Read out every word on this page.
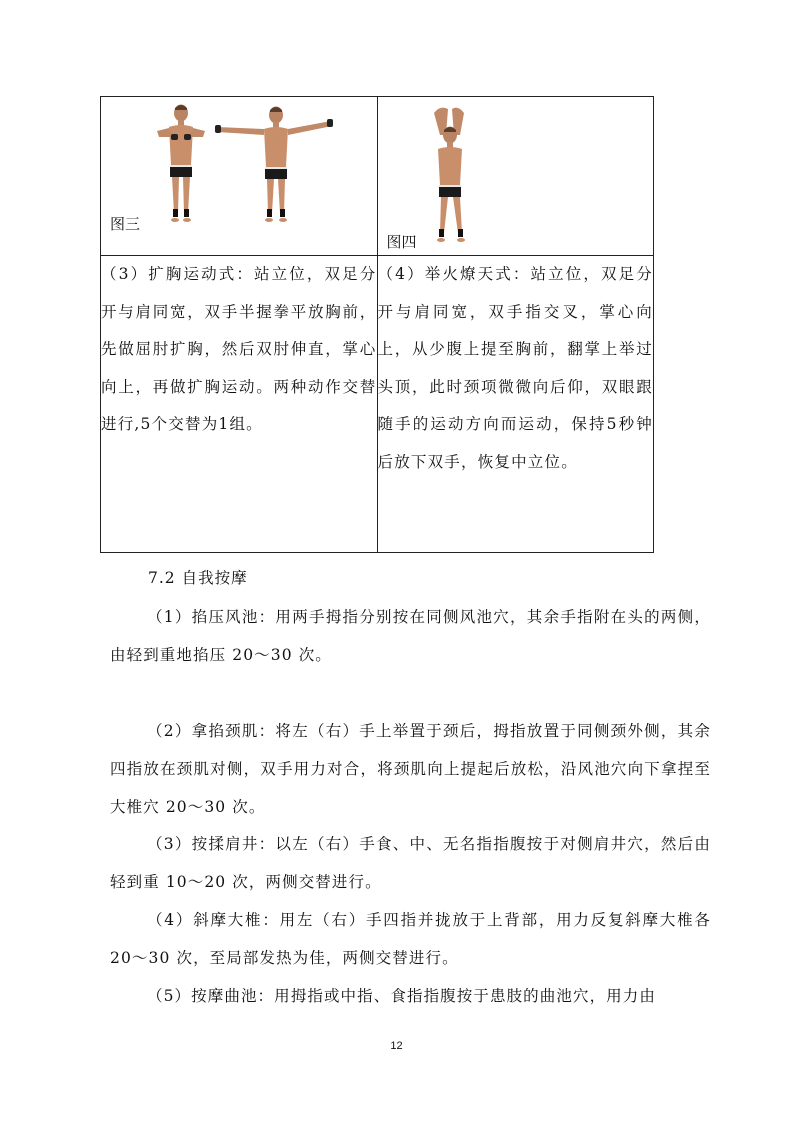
图三	图四

（3）扩胸运动式：站立位，双足分开与肩同宽，双手半握拳平放胸前，先做屈肘扩胸，然后双肘伸直，掌心向上，再做扩胸运动。两种动作交替进行,5个交替为1组。	（4）举火燎天式：站立位，双足分开与肩同宽，双手指交叉，掌心向上，从少腹上提至胸前，翻掌上举过头顶，此时颈项微微向后仰，双眼跟随手的运动方向而运动，保持5秒钟后放下双手，恢复中立位。
7.2 自我按摩

（1）掐压风池：用两手拇指分别按在同侧风池穴，其余手指附在头的两侧，由轻到重地掐压 20～30 次。

（2）拿掐颈肌：将左（右）手上举置于颈后，拇指放置于同侧颈外侧，其余四指放在颈肌对侧，双手用力对合，将颈肌向上提起后放松，沿风池穴向下拿捏至大椎穴 20～30 次。

（3）按揉肩井：以左（右）手食、中、无名指指腹按于对侧肩井穴，然后由轻到重 10～20 次，两侧交替进行。

（4）斜摩大椎：用左（右）手四指并拢放于上背部，用力反复斜摩大椎各 20～30 次，至局部发热为佳，两侧交替进行。

（5）按摩曲池：用拇指或中指、食指指腹按于患肢的曲池穴，用力由

12
